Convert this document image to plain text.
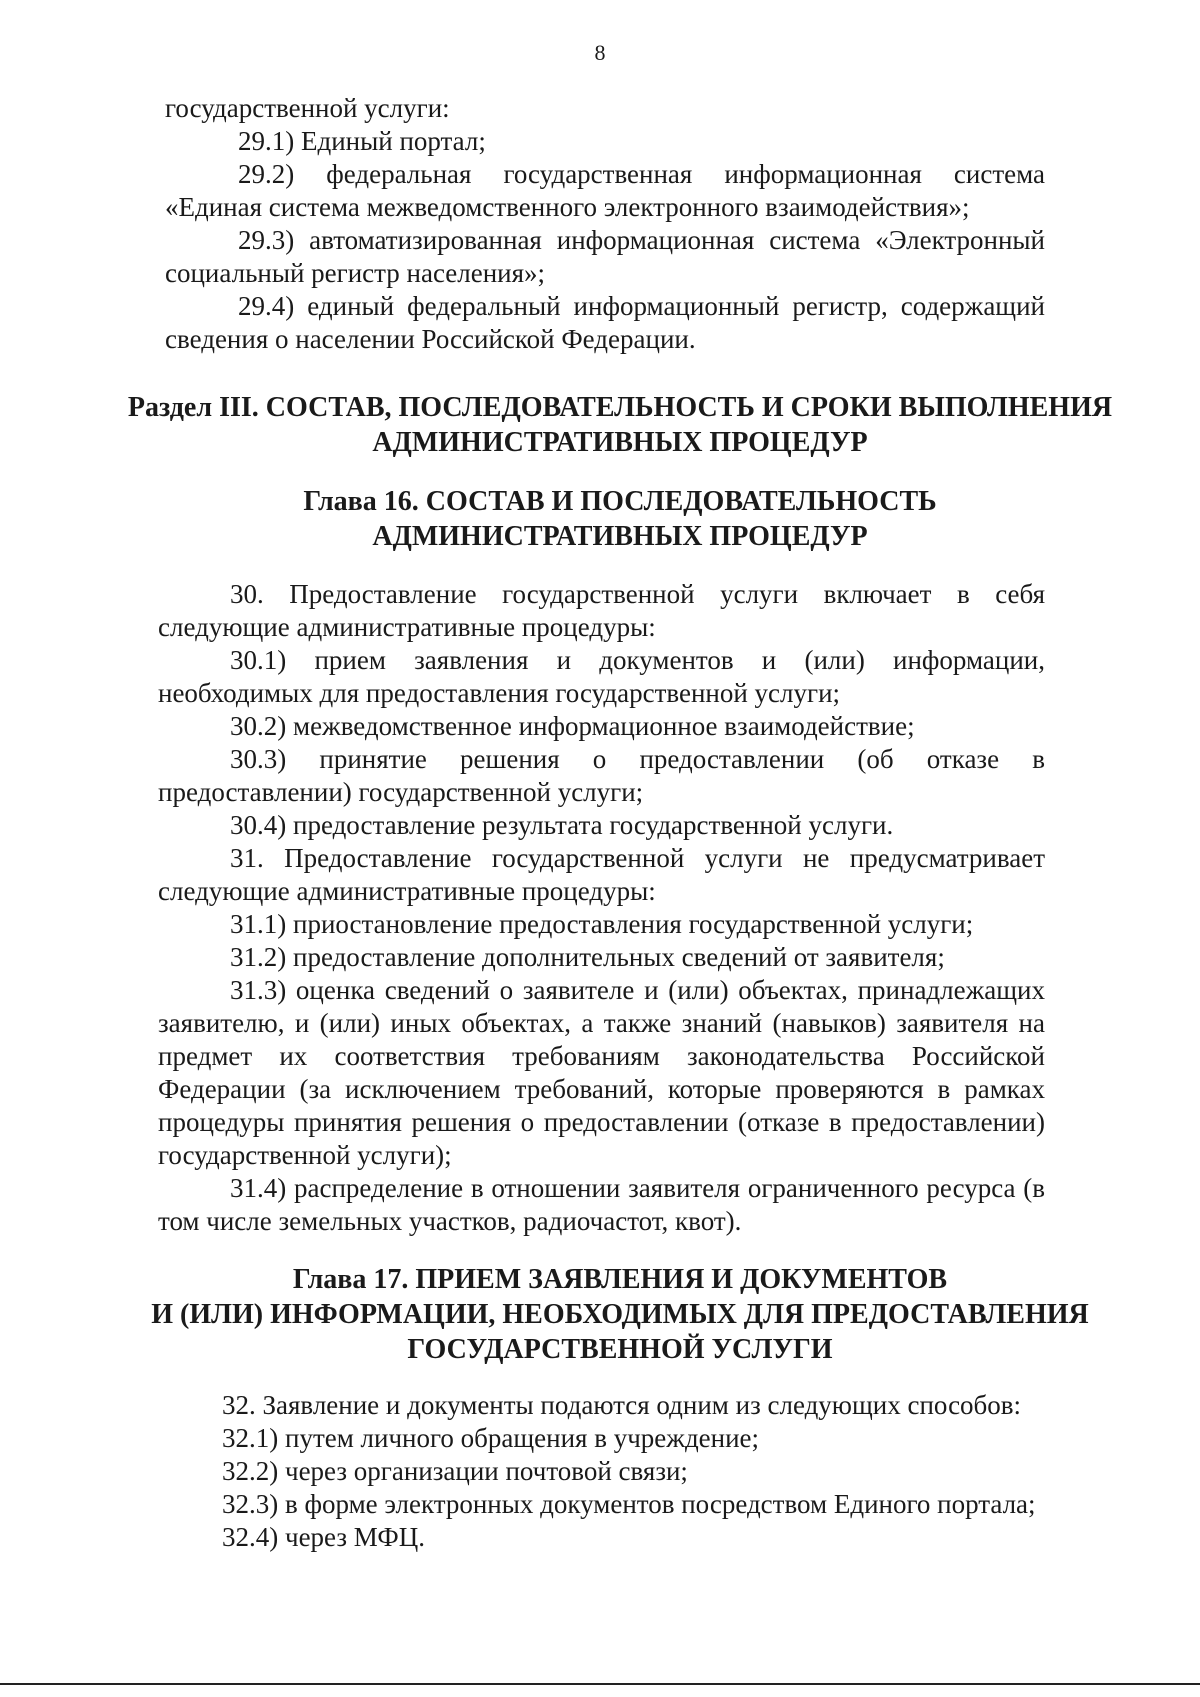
8

государственной услуги:

29.1) Единый портал;

29.2) федеральная государственная информационная система «Единая система межведомственного электронного взаимодействия»;

29.3) автоматизированная информационная система «Электронный социальный регистр населения»;

29.4) единый федеральный информационный регистр, содержащий сведения о населении Российской Федерации.

Раздел III. СОСТАВ, ПОСЛЕДОВАТЕЛЬНОСТЬ И СРОКИ ВЫПОЛНЕНИЯ
АДМИНИСТРАТИВНЫХ ПРОЦЕДУР
Глава 16. СОСТАВ И ПОСЛЕДОВАТЕЛЬНОСТЬ
АДМИНИСТРАТИВНЫХ ПРОЦЕДУР

30. Предоставление государственной услуги включает в себя следующие административные процедуры:

30.1) прием заявления и документов и (или) информации, необходимых для предоставления государственной услуги;

30.2) межведомственное информационное взаимодействие;

30.3) принятие решения о предоставлении (об отказе в предоставлении) государственной услуги;

30.4) предоставление результата государственной услуги.

31. Предоставление государственной услуги не предусматривает следующие административные процедуры:

31.1) приостановление предоставления государственной услуги;

31.2) предоставление дополнительных сведений от заявителя;

31.3) оценка сведений о заявителе и (или) объектах, принадлежащих заявителю, и (или) иных объектах, а также знаний (навыков) заявителя на предмет их соответствия требованиям законодательства Российской Федерации (за исключением требований, которые проверяются в рамках процедуры принятия решения о предоставлении (отказе в предоставлении) государственной услуги);

31.4) распределение в отношении заявителя ограниченного ресурса (в том числе земельных участков, радиочастот, квот).

Глава 17. ПРИЕМ ЗАЯВЛЕНИЯ И ДОКУМЕНТОВ
И (ИЛИ) ИНФОРМАЦИИ, НЕОБХОДИМЫХ ДЛЯ ПРЕДОСТАВЛЕНИЯ
ГОСУДАРСТВЕННОЙ УСЛУГИ

32. Заявление и документы подаются одним из следующих способов:

32.1) путем личного обращения в учреждение;

32.2) через организации почтовой связи;

32.3) в форме электронных документов посредством Единого портала;

32.4) через МФЦ.
